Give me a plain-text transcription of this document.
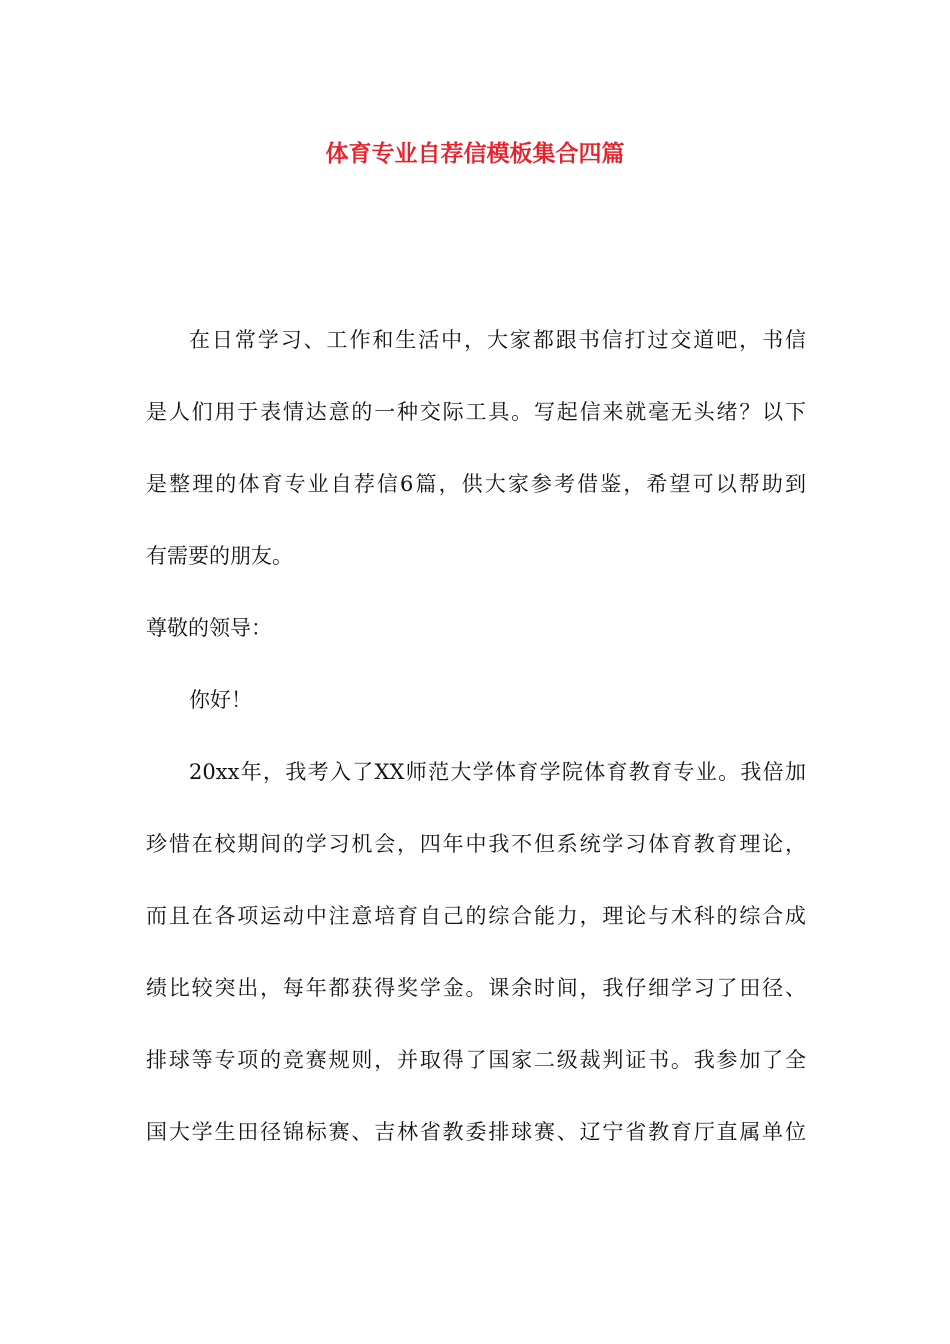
体育专业自荐信模板集合四篇

在日常学习、工作和生活中，大家都跟书信打过交道吧，书信

是人们用于表情达意的一种交际工具。写起信来就毫无头绪？以下

是整理的体育专业自荐信6篇，供大家参考借鉴，希望可以帮助到

有需要的朋友。

尊敬的领导：

你好！

20xx年，我考入了XX师范大学体育学院体育教育专业。我倍加

珍惜在校期间的学习机会，四年中我不但系统学习体育教育理论，

而且在各项运动中注意培育自己的综合能力，理论与术科的综合成

绩比较突出，每年都获得奖学金。课余时间，我仔细学习了田径、

排球等专项的竞赛规则，并取得了国家二级裁判证书。我参加了全

国大学生田径锦标赛、吉林省教委排球赛、辽宁省教育厅直属单位
